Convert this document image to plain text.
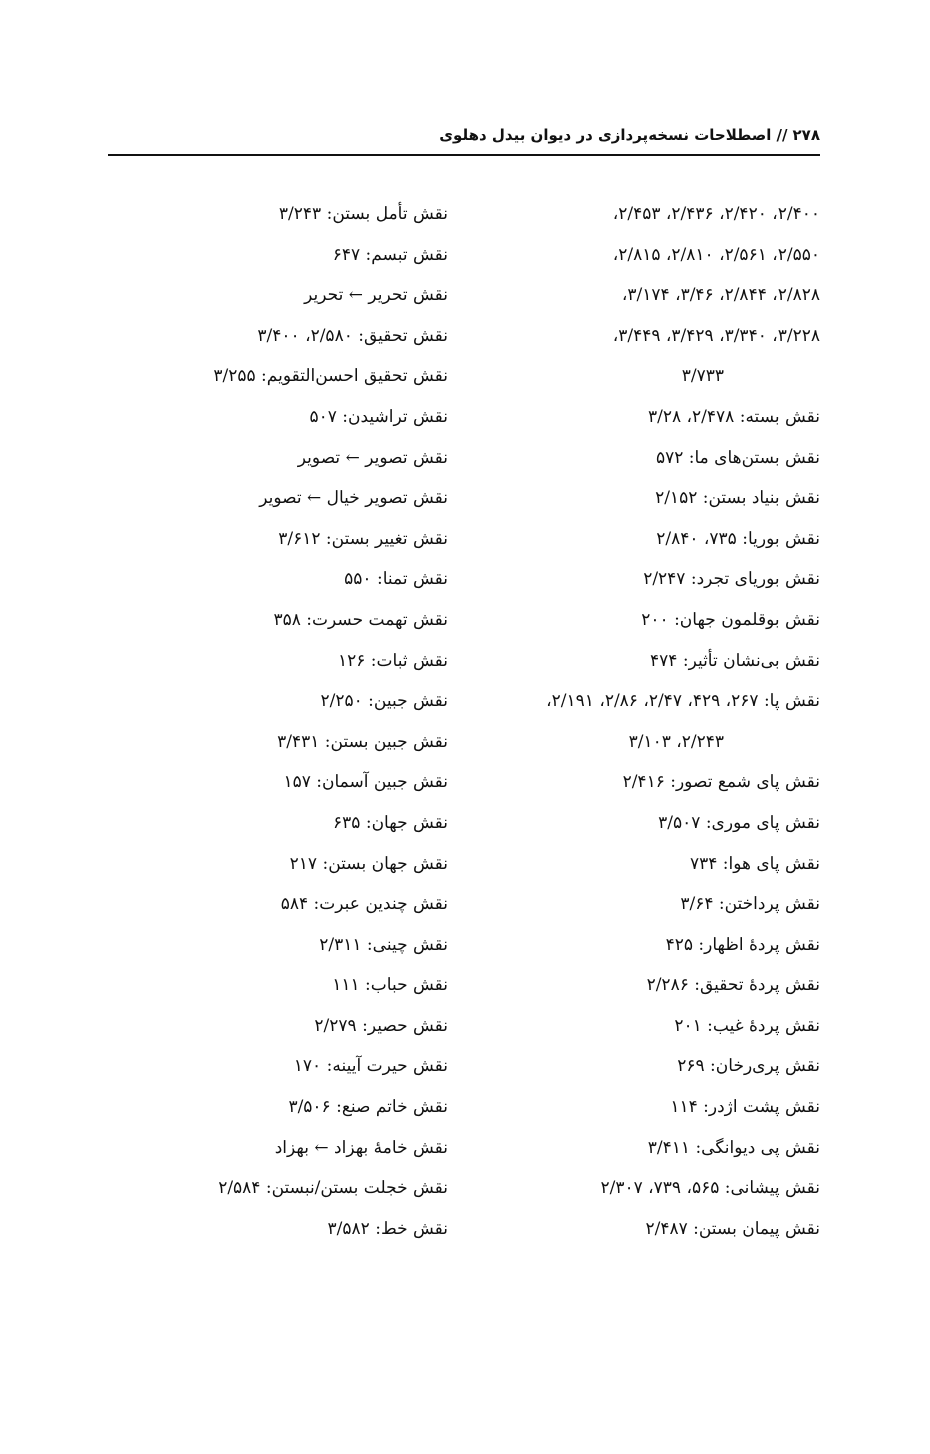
۲۷۸ // اصطلاحات نسخه‌پردازی در دیوان بیدل دهلوی
۲/۴۰۰، ۲/۴۲۰، ۲/۴۳۶، ۲/۴۵۳،
۲/۵۵۰، ۲/۵۶۱، ۲/۸۱۰، ۲/۸۱۵،
۲/۸۲۸، ۲/۸۴۴، ۳/۴۶، ۳/۱۷۴،
۳/۲۲۸، ۳/۳۴۰، ۳/۴۲۹، ۳/۴۴۹،
۳/۷۳۳
نقش بسته: ۲/۴۷۸، ۳/۲۸
نقش بستن‌های ما: ۵۷۲
نقش بنیاد بستن: ۲/۱۵۲
نقش بوریا: ۷۳۵، ۲/۸۴۰
نقش بوریای تجرد: ۲/۲۴۷
نقش بوقلمون جهان: ۲۰۰
نقش بی‌نشان تأثیر: ۴۷۴
نقش پا: ۲۶۷، ۴۲۹، ۲/۴۷، ۲/۸۶، ۲/۱۹۱،
۲/۲۴۳، ۳/۱۰۳
نقش پای شمع تصور: ۲/۴۱۶
نقش پای موری: ۳/۵۰۷
نقش پای هوا: ۷۳۴
نقش پرداختن: ۳/۶۴
نقش پردهٔ اظهار: ۴۲۵
نقش پردهٔ تحقیق: ۲/۲۸۶
نقش پردهٔ غیب: ۲۰۱
نقش پری‌رخان: ۲۶۹
نقش پشت اژدر: ۱۱۴
نقش پی دیوانگی: ۳/۴۱۱
نقش پیشانی: ۵۶۵، ۷۳۹، ۲/۳۰۷
نقش پیمان بستن: ۲/۴۸۷
نقش تأمل بستن: ۳/۲۴۳
نقش تبسم: ۶۴۷
نقش تحریر ← تحریر
نقش تحقیق: ۲/۵۸۰، ۳/۴۰۰
نقش تحقیق احسن‌التقویم: ۳/۲۵۵
نقش تراشیدن: ۵۰۷
نقش تصویر ← تصویر
نقش تصویر خیال ← تصویر
نقش تغییر بستن: ۳/۶۱۲
نقش تمنا: ۵۵۰
نقش تهمت حسرت: ۳۵۸
نقش ثبات: ۱۲۶
نقش جبین: ۲/۲۵۰
نقش جبین بستن: ۳/۴۳۱
نقش جبین آسمان: ۱۵۷
نقش جهان: ۶۳۵
نقش جهان بستن: ۲۱۷
نقش چندین عبرت: ۵۸۴
نقش چینی: ۲/۳۱۱
نقش حباب: ۱۱۱
نقش حصیر: ۲/۲۷۹
نقش حیرت آیینه: ۱۷۰
نقش خاتم صنع: ۳/۵۰۶
نقش خامهٔ بهزاد ← بهزاد
نقش خجلت بستن/نبستن: ۲/۵۸۴
نقش خط: ۳/۵۸۲
